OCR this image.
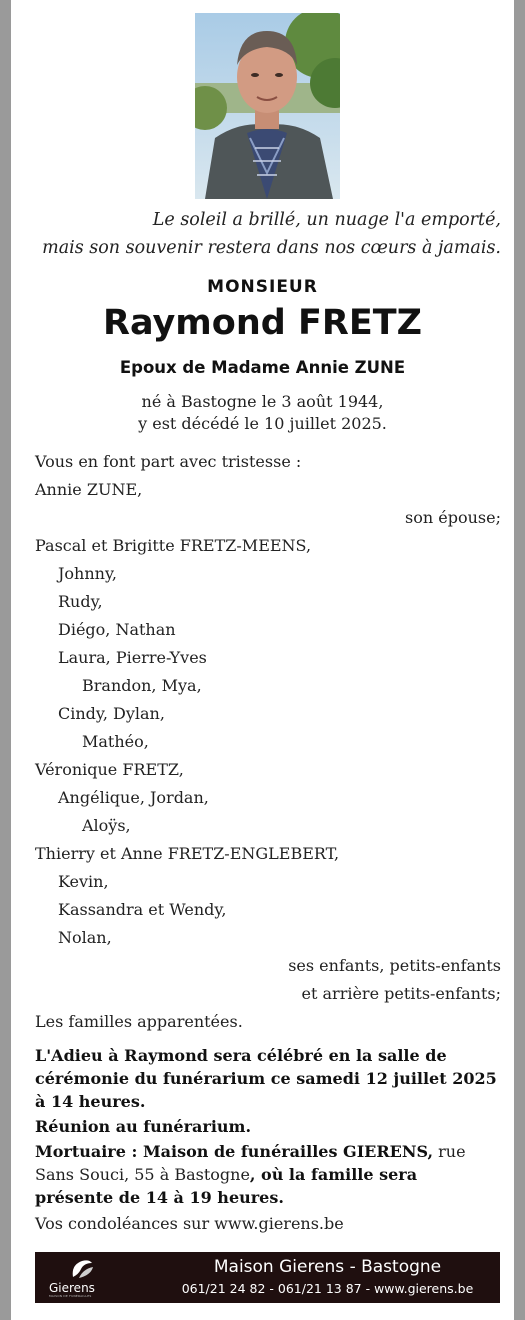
Le soleil a brillé, un nuage l'a emporté,
mais son souvenir restera dans nos cœurs à jamais.
MONSIEUR
Raymond FRETZ
Epoux de Madame Annie ZUNE
né à Bastogne le 3 août 1944,
y est décédé le 10 juillet 2025.
Vous en font part avec tristesse :
Annie ZUNE,
son épouse;
Pascal et Brigitte FRETZ-MEENS,
Johnny,
Rudy,
Diégo, Nathan
Laura, Pierre-Yves
Brandon, Mya,
Cindy, Dylan,
Mathéo,
Véronique FRETZ,
Angélique, Jordan,
Aloÿs,
Thierry et Anne FRETZ-ENGLEBERT,
Kevin,
Kassandra et Wendy,
Nolan,
ses enfants, petits-enfants
et arrière petits-enfants;
Les familles apparentées.
L'Adieu à Raymond sera célébré en la salle de
cérémonie du funérarium ce samedi 12 juillet 2025
à 14 heures.
Réunion au funérarium.
Mortuaire : Maison de funérailles GIERENS, rue
Sans Souci, 55 à Bastogne, où la famille sera
présente de 14 à 19 heures.
Vos condoléances sur www.gierens.be
Gierens
MAISON DE FUNÉRAILLES
Maison Gierens - Bastogne
061/21 24 82 - 061/21 13 87 - www.gierens.be
